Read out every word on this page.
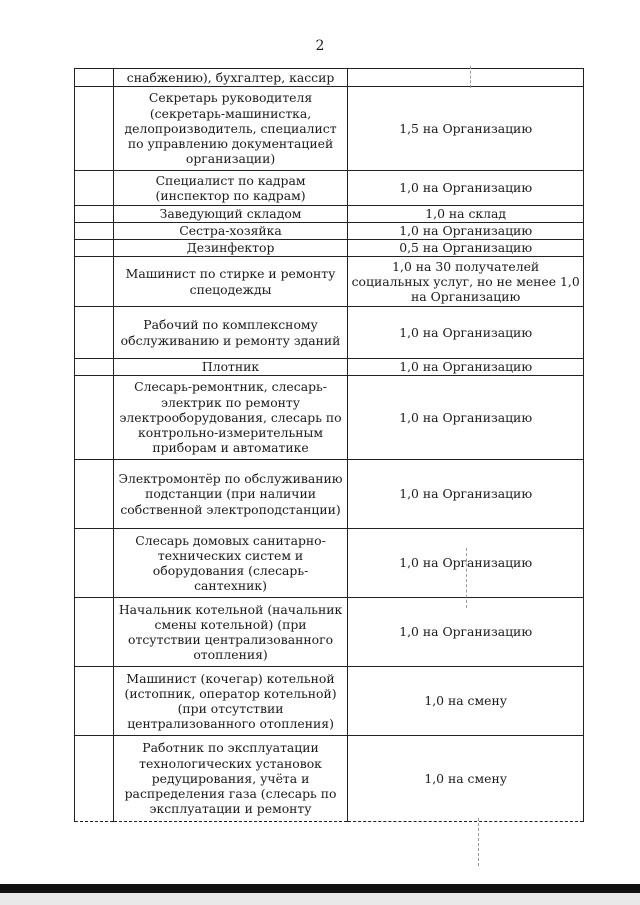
2
	снабжению), бухгалтер, кассир	
	Секретарь руководителя (секретарь-машинистка, делопроизводитель, специалист по управлению документацией организации)	1,5 на Организацию
	Специалист по кадрам (инспектор по кадрам)	1,0 на Организацию
	Заведующий складом	1,0 на склад
	Сестра-хозяйка	1,0 на Организацию
	Дезинфектор	0,5 на Организацию
	Машинист по стирке и ремонту спецодежды	1,0 на 30 получателей социальных услуг, но не менее 1,0 на Организацию
	Рабочий по комплексному обслуживанию и ремонту зданий	1,0 на Организацию
	Плотник	1,0 на Организацию
	Слесарь-ремонтник, слесарь-электрик по ремонту электрооборудования, слесарь по контрольно-измерительным приборам и автоматике	1,0 на Организацию
	Электромонтёр по обслуживанию подстанции (при наличии собственной электроподстанции)	1,0 на Организацию
	Слесарь домовых санитарно-технических систем и оборудования (слесарь-сантехник)	1,0 на Организацию
	Начальник котельной (начальник смены котельной) (при отсутствии централизованного отопления)	1,0 на Организацию
	Машинист (кочегар) котельной (истопник, оператор котельной) (при отсутствии централизованного отопления)	1,0 на смену
	Работник по эксплуатации технологических установок редуцирования, учёта и распределения газа (слесарь по эксплуатации и ремонту	1,0 на смену
